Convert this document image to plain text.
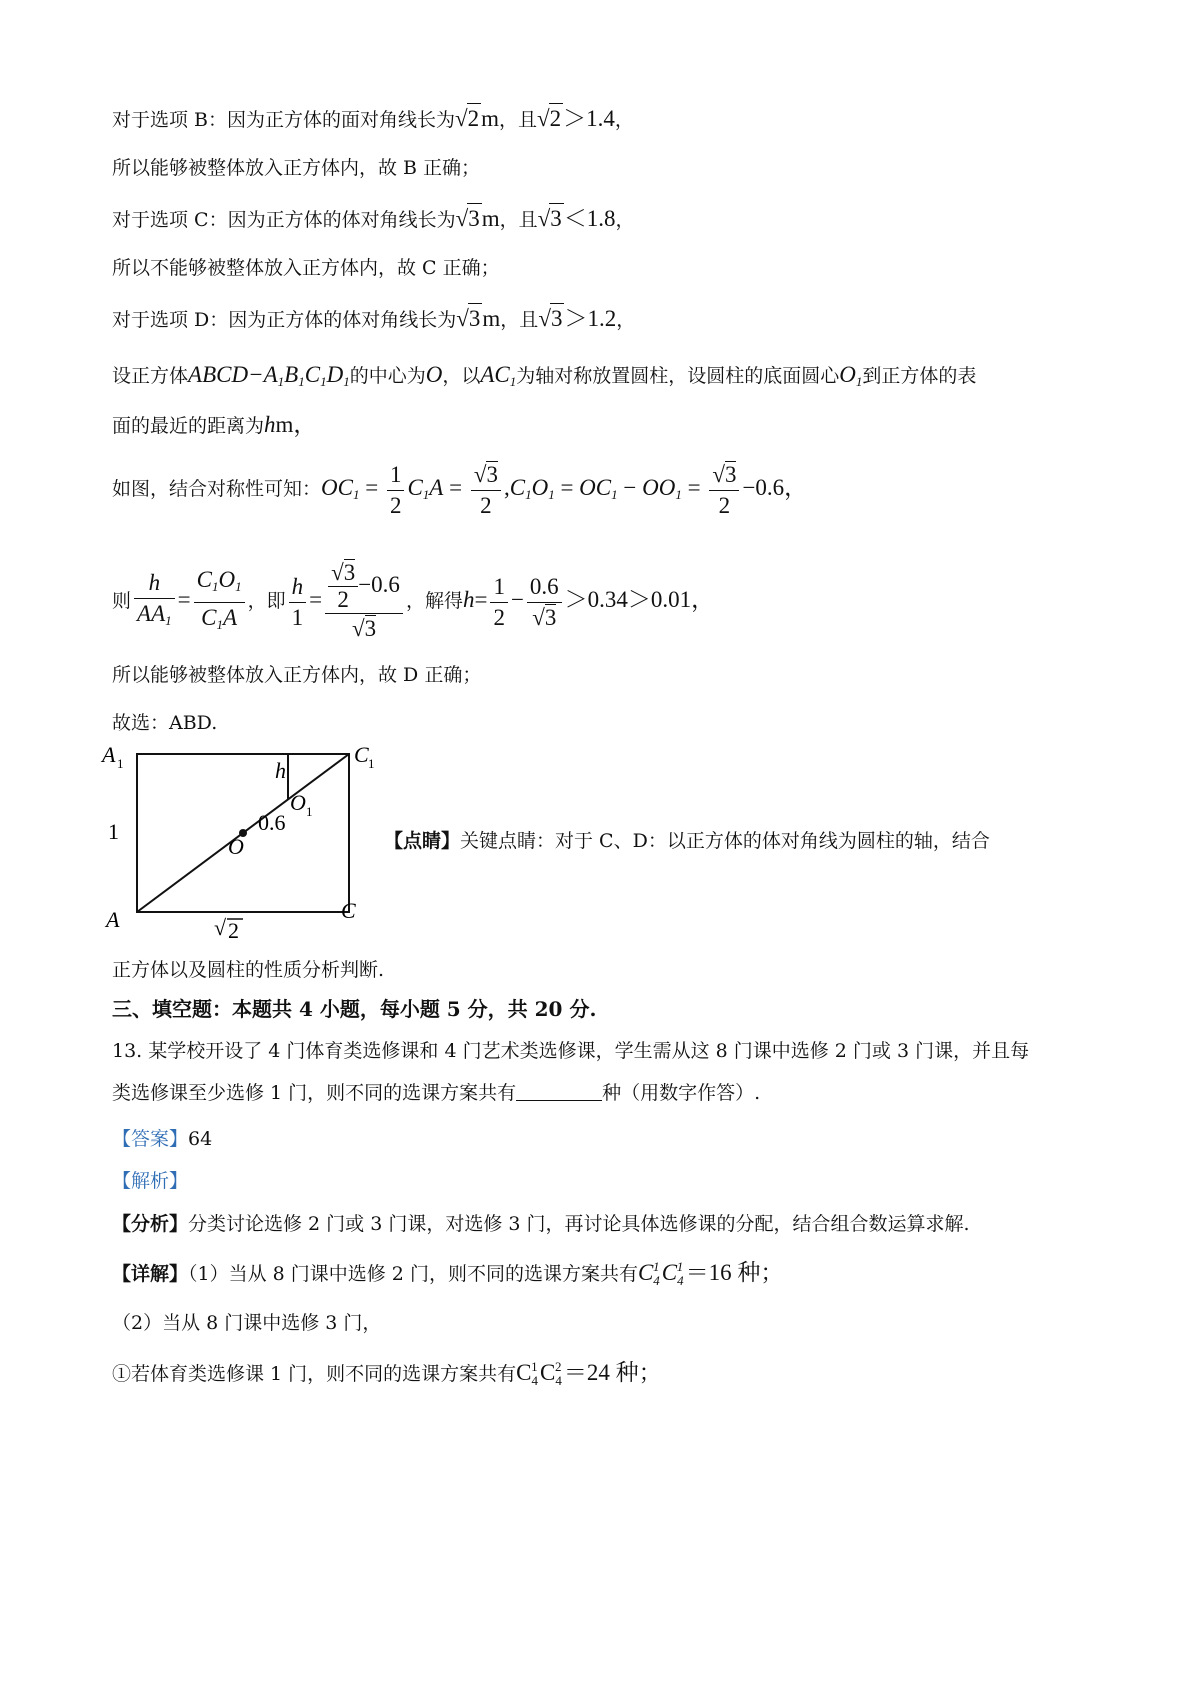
对于选项 B：因为正方体的面对角线长为√2m，且√2＞1.4，
所以能够被整体放入正方体内，故 B 正确；
对于选项 C：因为正方体的体对角线长为√3m，且√3＜1.8，
所以不能够被整体放入正方体内，故 C 正确；
对于选项 D：因为正方体的体对角线长为√3m，且√3＞1.2，
设正方体$ABCD-A_1B_1C_1D_1$的中心为O，以$AC_1$为轴对称放置圆柱，设圆柱的底面圆心$O_1$到正方体的表
面的最近的距离为hm，
如图，结合对称性可知：$OC_1 = \frac{1}{2} C_1A = \frac{√3}{2} ,C_1O_1 = OC_1 - OO_1 = \frac{√3}{2} -0.6$，
则 $\frac{h}{AA_1} = \frac{C_1O_1}{C_1A}$ ，即 $\frac{h}{1} = \frac{\frac{√3}{2} -0.6}{√3}$ ，解得$h= \frac{1}{2} - \frac{0.6}{√3} >0.34>0.01$，
所以能够被整体放入正方体内，故 D 正确；
故选：ABD.
A 1	C 1
h
O 1
0.6
O
1
A	C
√ 2
【点睛】关键点睛：对于 C、D：以正方体的体对角线为圆柱的轴，结合
正方体以及圆柱的性质分析判断.
三、填空题：本题共 4 小题，每小题 5 分，共 20 分.
13. 某学校开设了 4 门体育类选修课和 4 门艺术类选修课，学生需从这 8 门课中选修 2 门或 3 门课，并且每
类选修课至少选修 1 门，则不同的选课方案共有	种（用数字作答）.
【答案】64
【解析】
【分析】分类讨论选修 2 门或 3 门课，对选修 3 门，再讨论具体选修课的分配，结合组合数运算求解.
【详解】（1）当从 8 门课中选修 2 门，则不同的选课方案共有$C_4$
1 $C_4$
1 ＝16 种；
（2）当从 8 门课中选修 3 门，
①若体育类选修课 1 门，则不同的选课方案共有$C_4$
1 $C_4$
2 ＝24 种；
